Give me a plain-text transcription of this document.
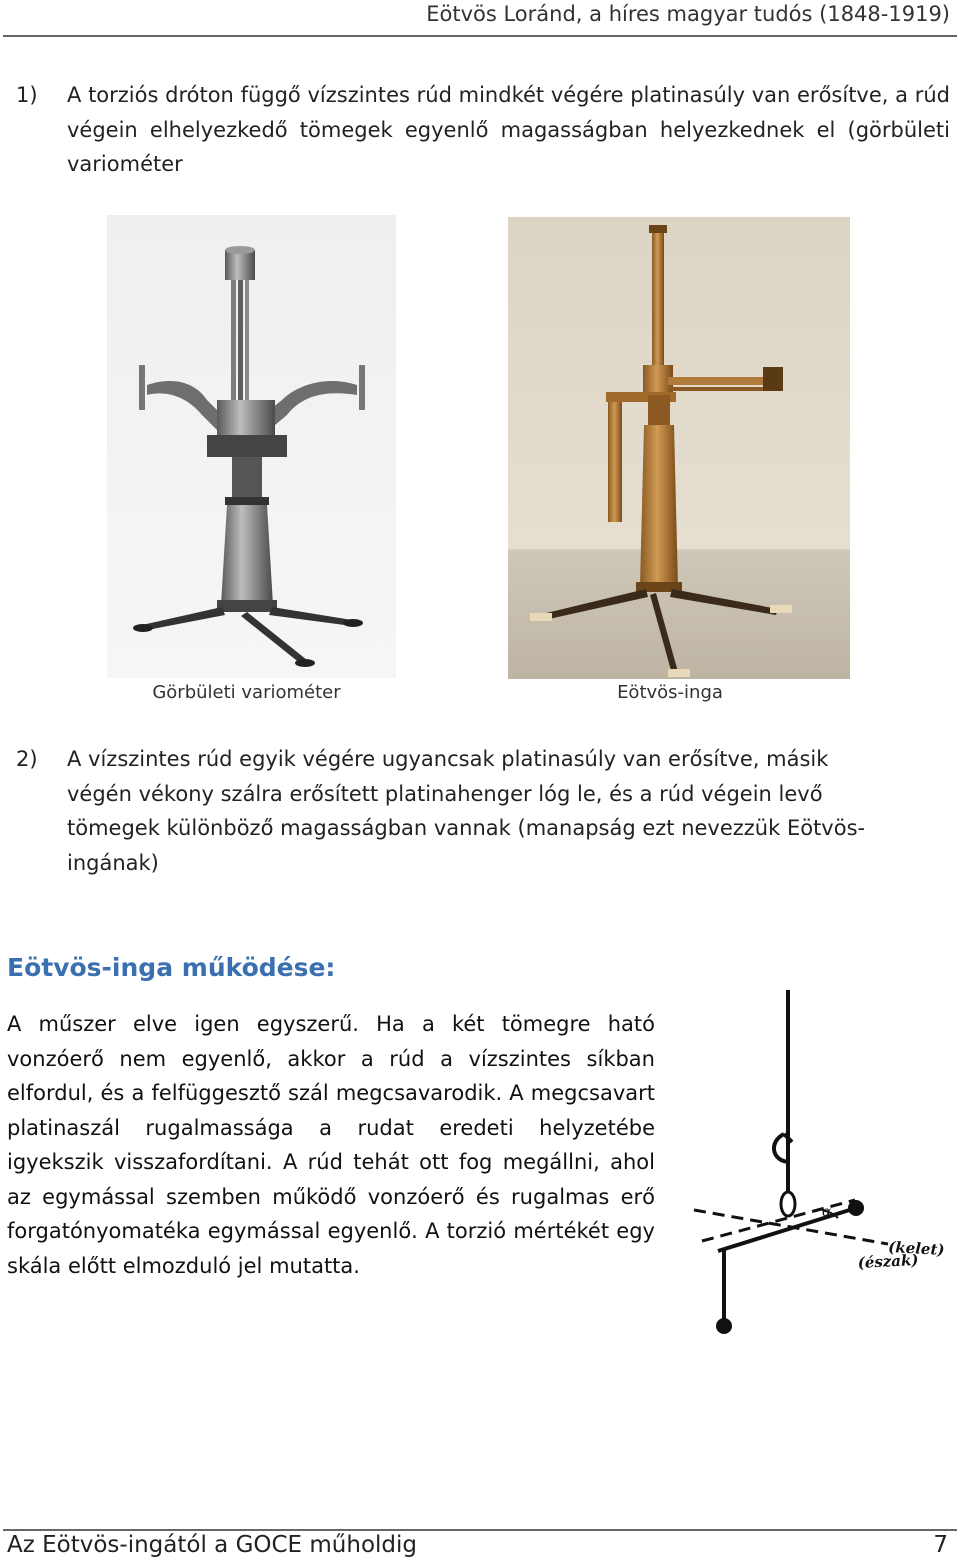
Eötvös Loránd, a híres magyar tudós (1848-1919)
1) A torziós dróton függő vízszintes rúd mindkét végére platinasúly van erősítve, a rúd végein elhelyezkedő tömegek egyenlő magasságban helyezkednek el (görbületi variométer
Görbületi variométer	Eötvös-inga
2) A vízszintes rúd egyik végére ugyancsak platinasúly van erősítve, másik
végén vékony szálra erősített platinahenger lóg le, és a rúd végein levő
tömegek különböző magasságban vannak (manapság ezt nevezzük Eötvös-
ingának)
Eötvös-inga működése:
A műszer elve igen egyszerű. Ha a két tömegre ható vonzóerő nem egyenlő, akkor a rúd a vízszintes síkban elfordul, és a felfüggesztő szál megcsavarodik. A megcsavart platinaszál rugalmassága a rudat eredeti helyzetébe igyekszik visszafordítani. A rúd tehát ott fog megállni, ahol az egymással szemben működő vonzóerő és rugalmas erő forgatónyomatéka egymással egyenlő. A torzió mértékét egy skála előtt elmozduló jel mutatta.
α
(észak)
(kelet)
Az Eötvös-ingától a GOCE műholdig	7
